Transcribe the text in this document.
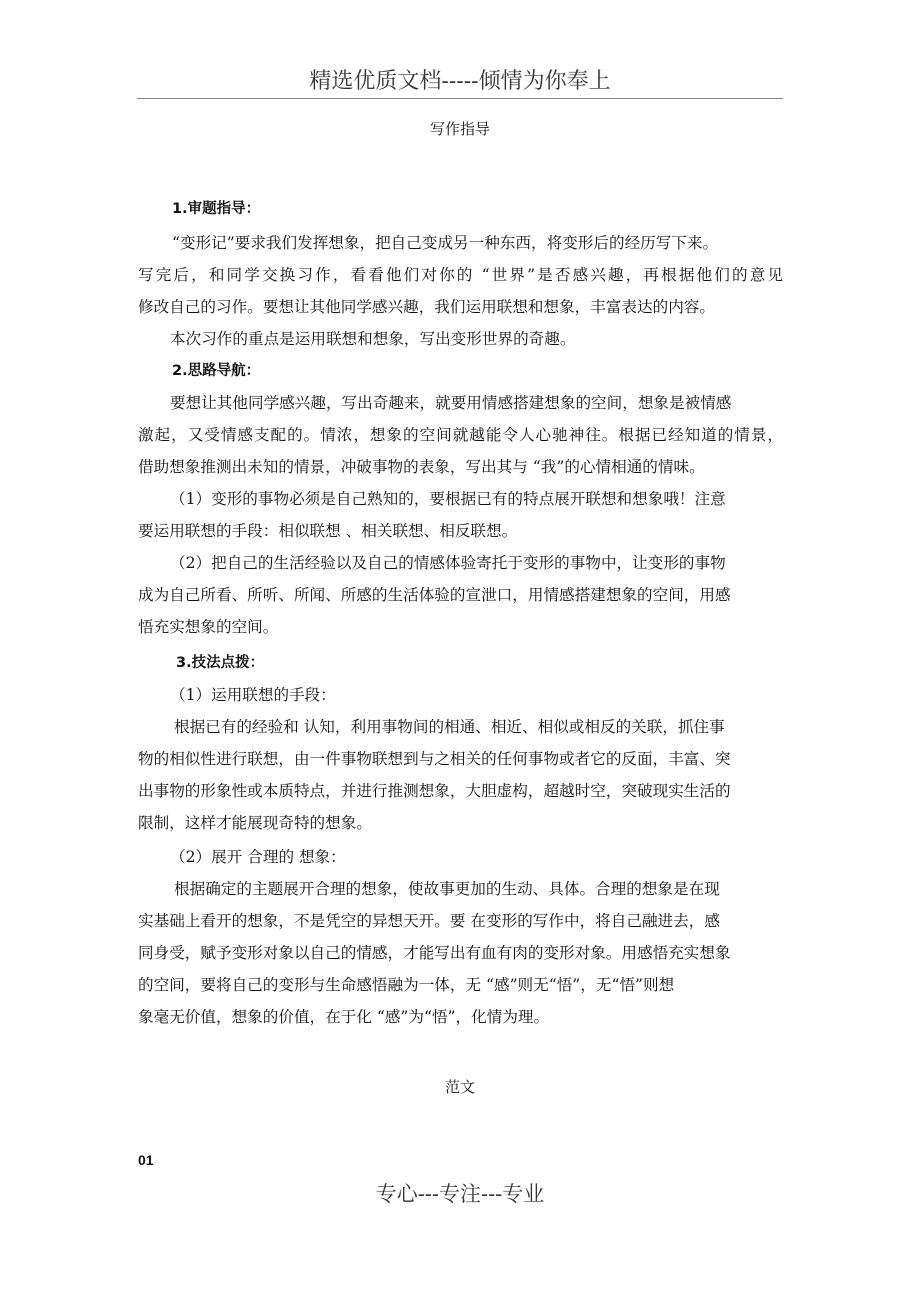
精选优质文档-----倾情为你奉上
写作指导
1.审题指导：
“变形记”要求我们发挥想象，把自己变成另一种东西，将变形后的经历写下来。
写完后，和同学交换习作，看看他们对你的 “世界”是否感兴趣，再根据他们的意见
修改自己的习作。要想让其他同学感兴趣，我们运用联想和想象，丰富表达的内容。
本次习作的重点是运用联想和想象，写出变形世界的奇趣。
2.思路导航：
要想让其他同学感兴趣，写出奇趣来，就要用情感搭建想象的空间，想象是被情感
激起，又受情感支配的。情浓，想象的空间就越能令人心驰神往。根据已经知道的情景，
借助想象推测出未知的情景，冲破事物的表象，写出其与 “我”的心情相通的情味。
（1）变形的事物必须是自己熟知的，要根据已有的特点展开联想和想象哦！注意
要运用联想的手段：相似联想 、相关联想、相反联想。
（2）把自己的生活经验以及自己的情感体验寄托于变形的事物中，让变形的事物
成为自己所看、所听、所闻、所感的生活体验的宣泄口，用情感搭建想象的空间，用感
悟充实想象的空间。
3.技法点拨：
（1）运用联想的手段：
根据已有的经验和 认知，利用事物间的相通、相近、相似或相反的关联，抓住事
物的相似性进行联想，由一件事物联想到与之相关的任何事物或者它的反面，丰富、突
出事物的形象性或本质特点，并进行推测想象，大胆虚构，超越时空，突破现实生活的
限制，这样才能展现奇特的想象。
（2）展开 合理的 想象：
根据确定的主题展开合理的想象，使故事更加的生动、具体。合理的想象是在现
实基础上看开的想象，不是凭空的异想天开。要 在变形的写作中，将自己融进去，感
同身受，赋予变形对象以自己的情感，才能写出有血有肉的变形对象。用感悟充实想象
的空间，要将自己的变形与生命感悟融为一体，无 “感”则无“悟”，无“悟”则想
象毫无价值，想象的价值，在于化 “感”为“悟”，化情为理。
范文
01
专心---专注---专业
